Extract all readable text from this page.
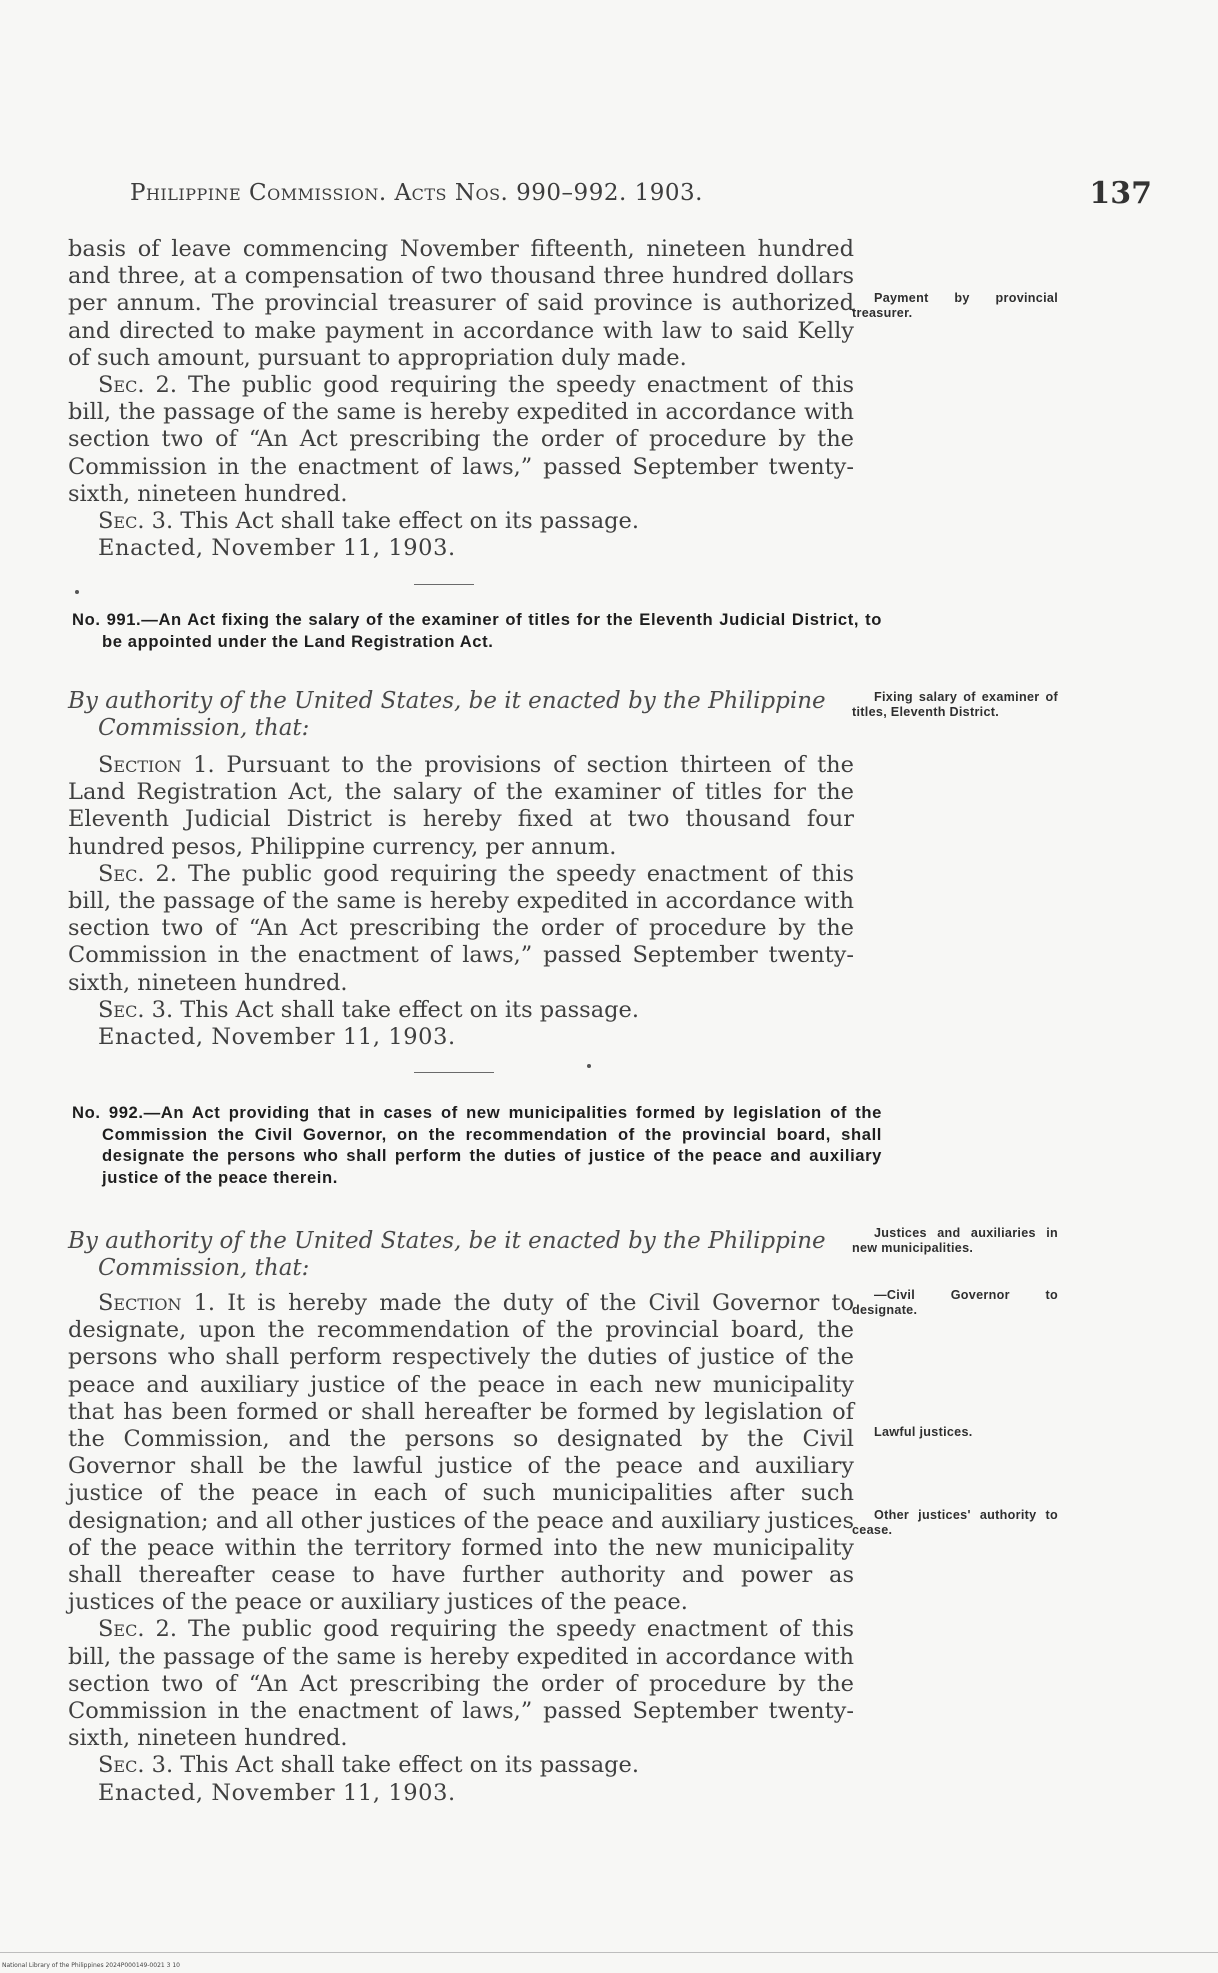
Philippine Commission. Acts Nos. 990–992. 1903.	137

basis of leave commencing November fifteenth, nineteen hundred and three, at a compensation of two thousand three hundred dollars per annum. The provincial treasurer of said province is authorized and directed to make payment in accordance with law to said Kelly of such amount, pursuant to appropriation duly made.

Sec. 2. The public good requiring the speedy enactment of this bill, the passage of the same is hereby expedited in accordance with section two of “An Act prescribing the order of procedure by the Commission in the enactment of laws,” passed September twenty-sixth, nineteen hundred.

Sec. 3. This Act shall take effect on its passage.

Enacted, November 11, 1903.

No. 991.—An Act fixing the salary of the examiner of titles for the Eleventh Judicial District, to be appointed under the Land Registration Act.
By authority of the United States, be it enacted by the Philippine
Commission, that:

Section 1. Pursuant to the provisions of section thirteen of the Land Registration Act, the salary of the examiner of titles for the Eleventh Judicial District is hereby fixed at two thousand four hundred pesos, Philippine currency, per annum.

Sec. 2. The public good requiring the speedy enactment of this bill, the passage of the same is hereby expedited in accordance with section two of “An Act prescribing the order of procedure by the Commission in the enactment of laws,” passed September twenty-sixth, nineteen hundred.

Sec. 3. This Act shall take effect on its passage.

Enacted, November 11, 1903.

No. 992.—An Act providing that in cases of new municipalities formed by legislation of the Commission the Civil Governor, on the recommendation of the provincial board, shall designate the persons who shall perform the duties of justice of the peace and auxiliary justice of the peace therein.
By authority of the United States, be it enacted by the Philippine
Commission, that:

Section 1. It is hereby made the duty of the Civil Governor to designate, upon the recommendation of the provincial board, the persons who shall perform respectively the duties of justice of the peace and auxiliary justice of the peace in each new municipality that has been formed or shall hereafter be formed by legislation of the Commission, and the persons so designated by the Civil Governor shall be the lawful justice of the peace and auxiliary justice of the peace in each of such municipalities after such designation; and all other justices of the peace and auxiliary justices of the peace within the territory formed into the new municipality shall thereafter cease to have further authority and power as justices of the peace or auxiliary justices of the peace.

Sec. 2. The public good requiring the speedy enactment of this bill, the passage of the same is hereby expedited in accordance with section two of “An Act prescribing the order of procedure by the Commission in the enactment of laws,” passed September twenty-sixth, nineteen hundred.

Sec. 3. This Act shall take effect on its passage.

Enacted, November 11, 1903.

Payment by provincial treasurer.
Fixing salary of examiner of titles, Eleventh District.
Justices and auxiliaries in new municipalities.
—Civil Governor to designate.
Lawful justices.
Other justices' authority to cease.
National Library of the Philippines 2024P000149-0021 3 10
